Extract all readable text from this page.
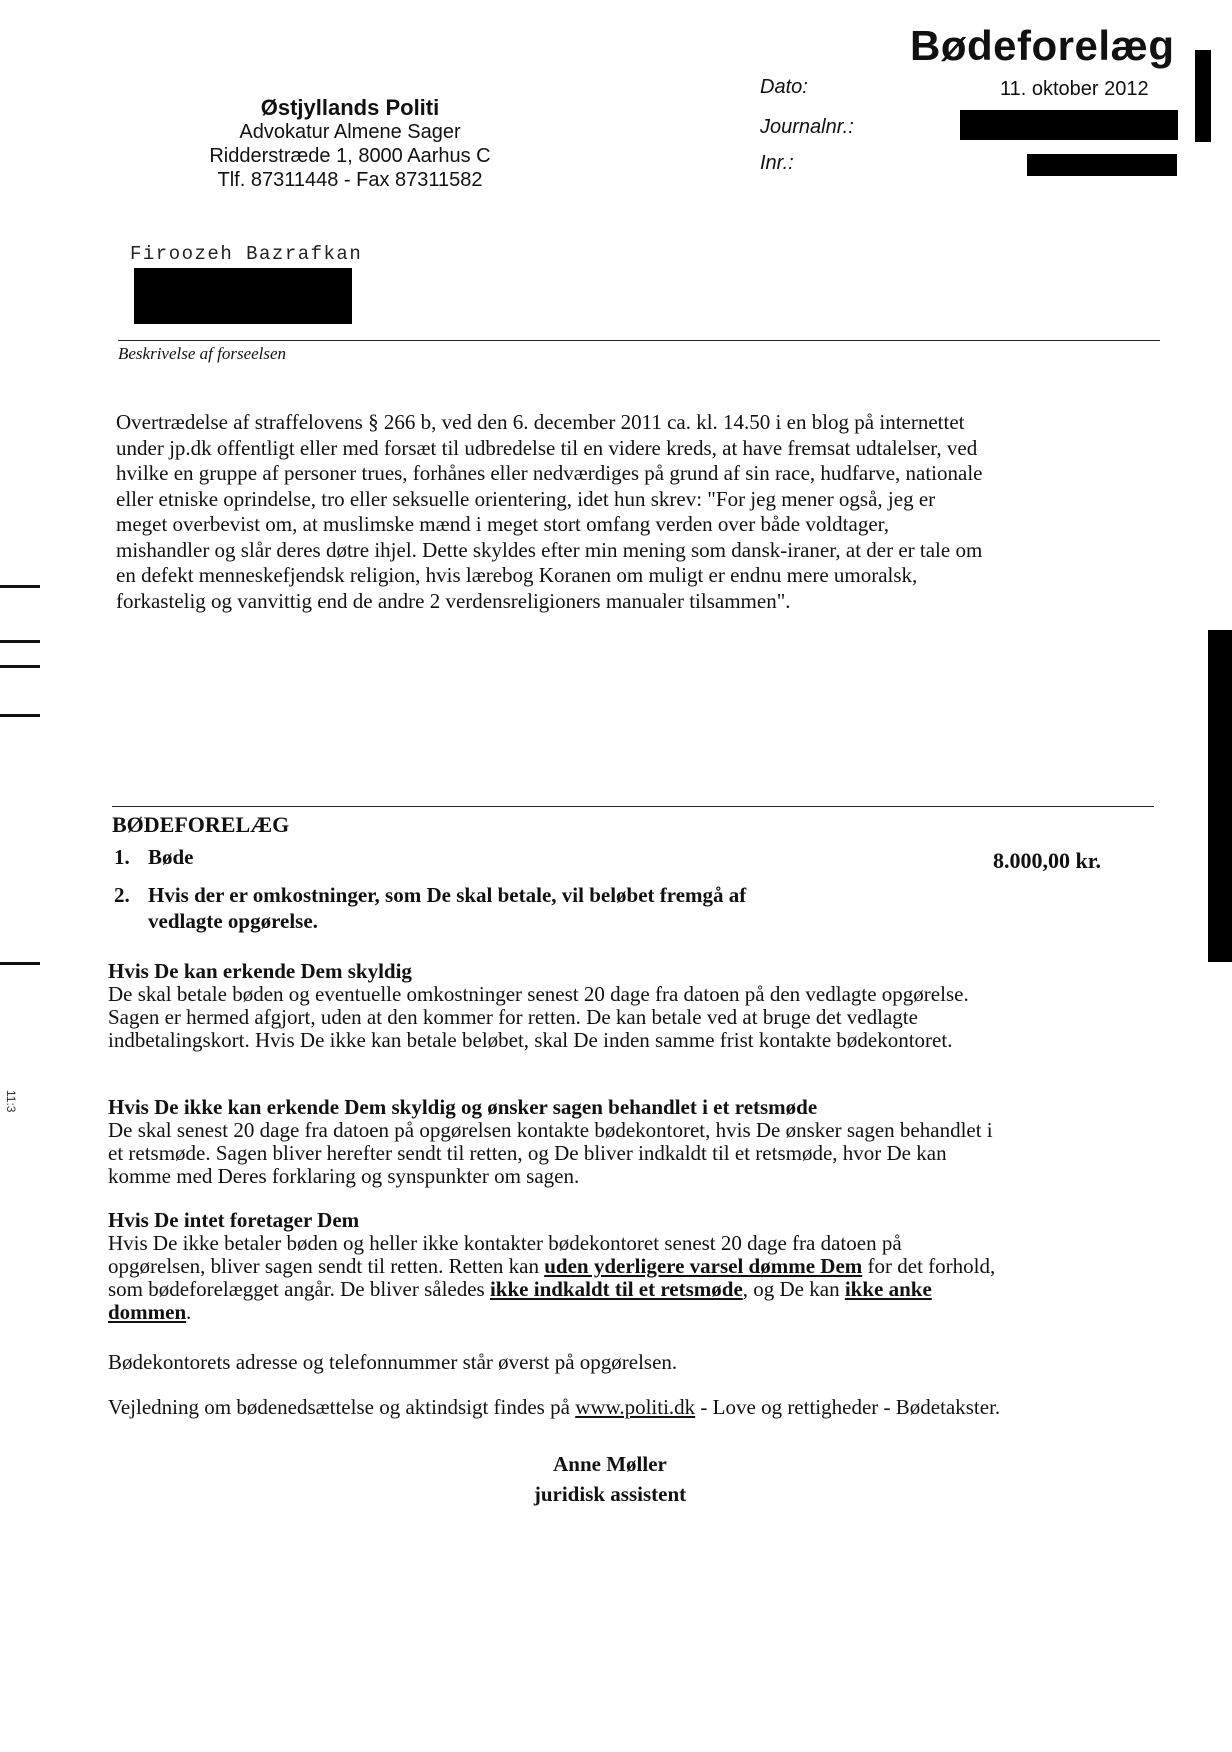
Bødeforelæg
Østjyllands Politi
Advokatur Almene Sager
Ridderstræde 1, 8000 Aarhus C
Tlf. 87311448 - Fax 87311582
Dato:	11. oktober 2012
Journalnr.:
Inr.:
Firoozeh Bazrafkan
Beskrivelse af forseelsen
Overtrædelse af straffelovens § 266 b, ved den 6. december 2011 ca. kl. 14.50 i en blog på internettet
under jp.dk offentligt eller med forsæt til udbredelse til en videre kreds, at have fremsat udtalelser, ved
hvilke en gruppe af personer trues, forhånes eller nedværdiges på grund af sin race, hudfarve, nationale
eller etniske oprindelse, tro eller seksuelle orientering, idet hun skrev: "For jeg mener også, jeg er
meget overbevist om, at muslimske mænd i meget stort omfang verden over både voldtager,
mishandler og slår deres døtre ihjel. Dette skyldes efter min mening som dansk-iraner, at der er tale om
en defekt menneskefjendsk religion, hvis lærebog Koranen om muligt er endnu mere umoralsk,
forkastelig og vanvittig end de andre 2 verdensreligioners manualer tilsammen".
11:3
BØDEFORELÆG
1. Bøde	8.000,00 kr.
2. Hvis der er omkostninger, som De skal betale, vil beløbet fremgå af
vedlagte opgørelse.
Hvis De kan erkende Dem skyldig
De skal betale bøden og eventuelle omkostninger senest 20 dage fra datoen på den vedlagte opgørelse.
Sagen er hermed afgjort, uden at den kommer for retten. De kan betale ved at bruge det vedlagte
indbetalingskort. Hvis De ikke kan betale beløbet, skal De inden samme frist kontakte bødekontoret.
Hvis De ikke kan erkende Dem skyldig og ønsker sagen behandlet i et retsmøde
De skal senest 20 dage fra datoen på opgørelsen kontakte bødekontoret, hvis De ønsker sagen behandlet i
et retsmøde. Sagen bliver herefter sendt til retten, og De bliver indkaldt til et retsmøde, hvor De kan
komme med Deres forklaring og synspunkter om sagen.
Hvis De intet foretager Dem
Hvis De ikke betaler bøden og heller ikke kontakter bødekontoret senest 20 dage fra datoen på
opgørelsen, bliver sagen sendt til retten. Retten kan uden yderligere varsel dømme Dem for det forhold,
som bødeforelægget angår. De bliver således ikke indkaldt til et retsmøde, og De kan ikke anke
dommen.
Bødekontorets adresse og telefonnummer står øverst på opgørelsen.
Vejledning om bødenedsættelse og aktindsigt findes på www.politi.dk - Love og rettigheder - Bødetakster.
Anne Møller
juridisk assistent
